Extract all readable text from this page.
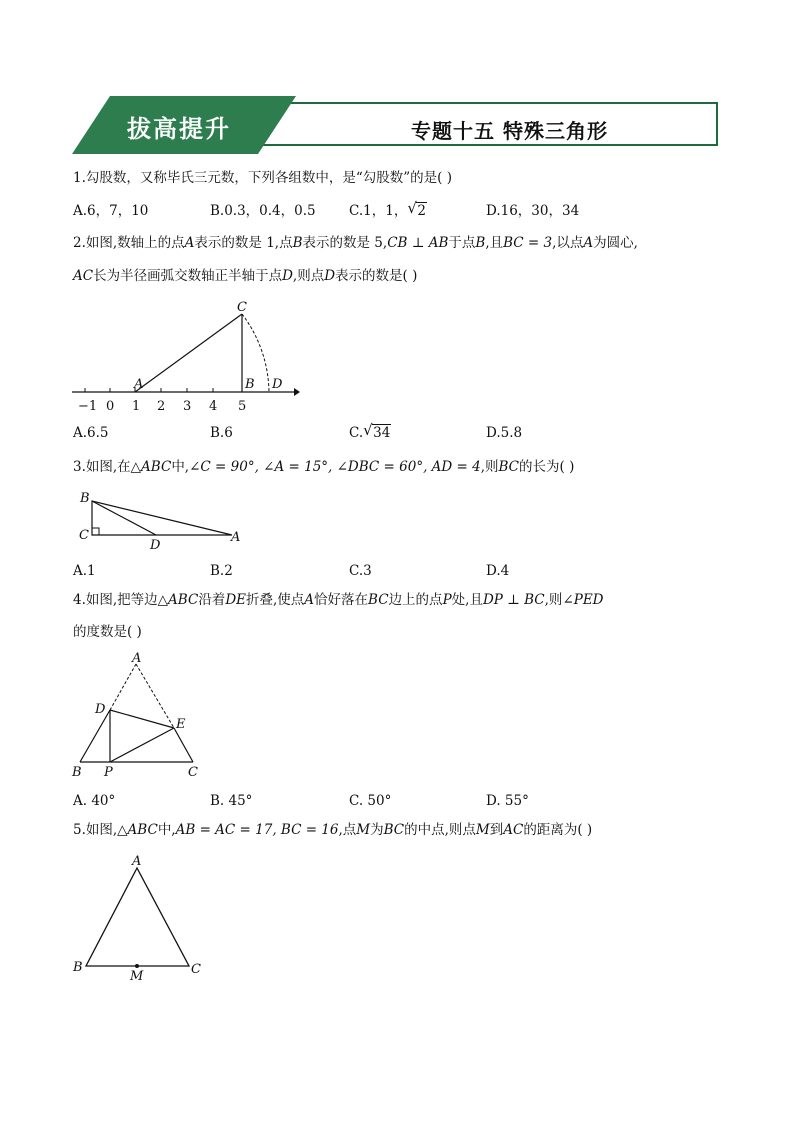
专题十五 特殊三角形
拔高提升
1.勾股数，又称毕氏三元数，下列各组数中，是“勾股数”的是( )
A.6，7，10	B.0.3，0.4，0.5 C.1，1， √ 2	D.16，30，34
2.如图,数轴上的点A表示的数是 1,点B表示的数是 5,CB ⊥ AB于点B,且BC = 3,以点A为圆心,
AC长为半径画弧交数轴正半轴于点D,则点D表示的数是( )
−1 0 1 2 3 4 5
A
C
B D
A.6.5	B.6	C. √ 34	D.5.8
3.如图,在△ABC中,∠C = 90°, ∠A = 15°, ∠DBC = 60°, AD = 4,则BC的长为( )
B
C
D
A
A.1	B.2	C.3	D.4
4.如图,把等边△ABC沿着DE折叠,使点A恰好落在BC边上的点P处,且DP ⊥ BC,则∠PED
的度数是( )
A
D
E
B P	C
A. 40°	B. 45°	C. 50°	D. 55°
5.如图,△ABC中,AB = AC = 17, BC = 16,点M为BC的中点,则点M到AC的距离为( )
A
B	C
M
